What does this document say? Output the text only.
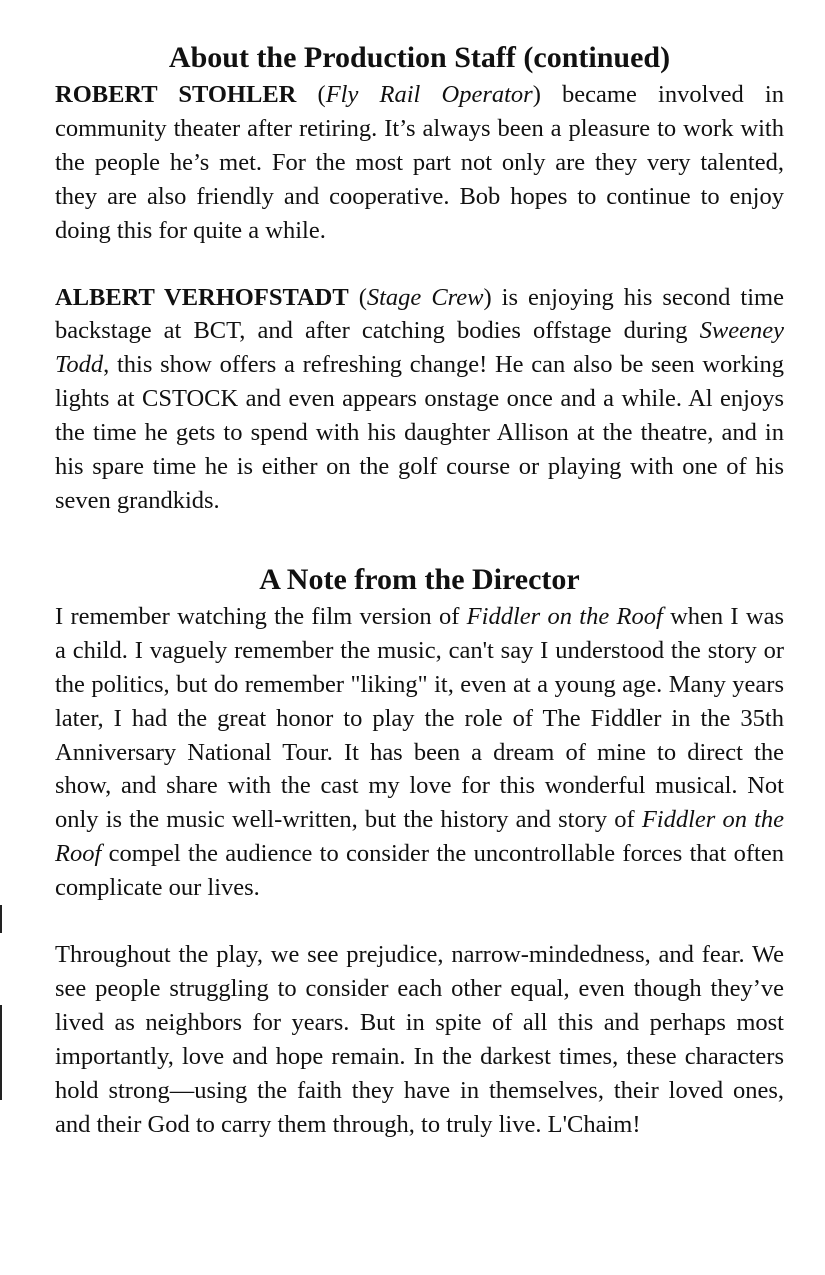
About the Production Staff (continued)

ROBERT STOHLER (Fly Rail Operator) became involved in community theater after retiring. It’s always been a pleasure to work with the people he’s met. For the most part not only are they very talented, they are also friendly and cooperative. Bob hopes to continue to enjoy doing this for quite a while.

ALBERT VERHOFSTADT (Stage Crew) is enjoying his second time backstage at BCT, and after catching bodies offstage during Sweeney Todd, this show offers a refreshing change! He can also be seen working lights at CSTOCK and even appears onstage once and a while. Al enjoys the time he gets to spend with his daughter Allison at the theatre, and in his spare time he is either on the golf course or playing with one of his seven grandkids.

A Note from the Director

I remember watching the film version of Fiddler on the Roof when I was a child. I vaguely remember the music, can't say I understood the story or the politics, but do remember "liking" it, even at a young age. Many years later, I had the great honor to play the role of The Fiddler in the 35th Anniversary National Tour. It has been a dream of mine to direct the show, and share with the cast my love for this wonderful musical. Not only is the music well-written, but the history and story of Fiddler on the Roof compel the audience to consider the uncontrollable forces that often complicate our lives.

Throughout the play, we see prejudice, narrow-mindedness, and fear. We see people struggling to consider each other equal, even though they’ve lived as neighbors for years. But in spite of all this and perhaps most importantly, love and hope remain. In the darkest times, these characters hold strong—using the faith they have in themselves, their loved ones, and their God to carry them through, to truly live. L'Chaim!
